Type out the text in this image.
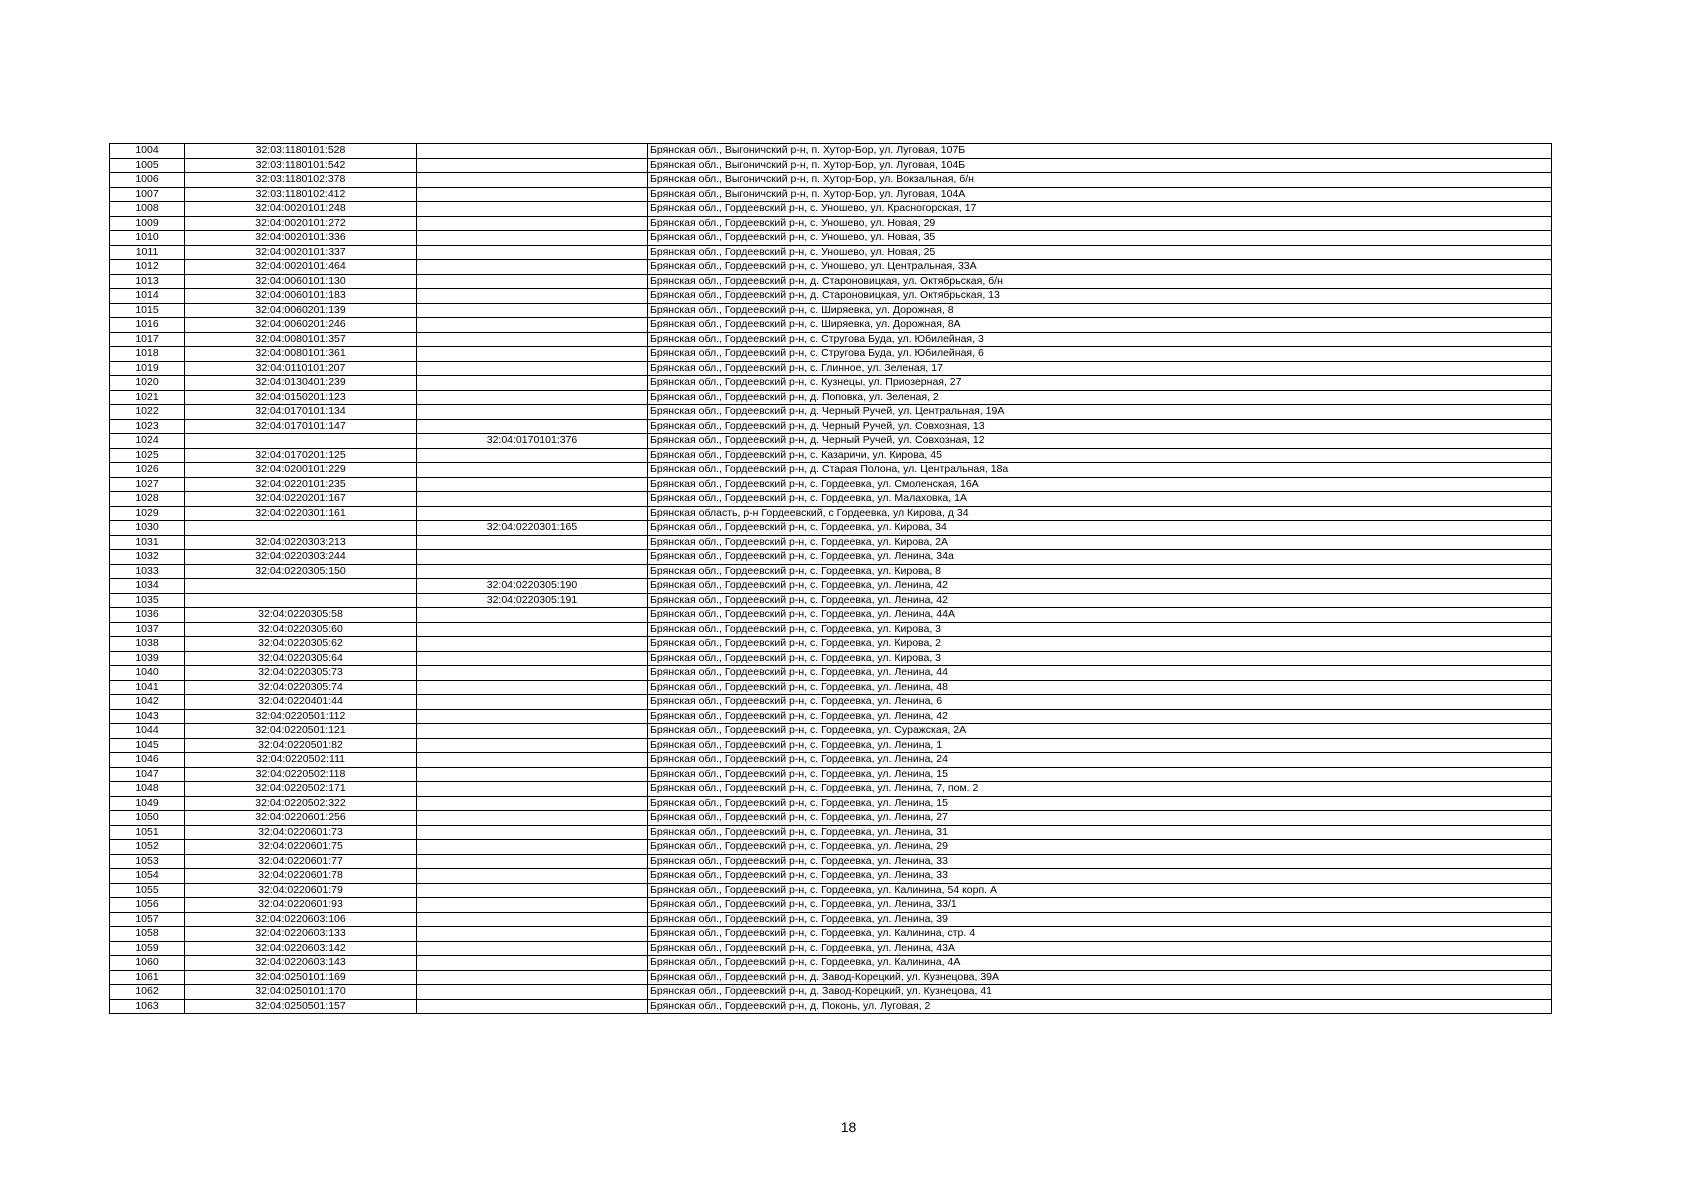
1004	32:03:1180101:528		Брянская обл., Выгоничский р-н, п. Хутор-Бор, ул. Луговая, 107Б
1005	32:03:1180101:542		Брянская обл., Выгоничский р-н, п. Хутор-Бор, ул. Луговая, 104Б
1006	32:03:1180102:378		Брянская обл., Выгоничский р-н, п. Хутор-Бор, ул. Вокзальная, б/н
1007	32:03:1180102:412		Брянская обл., Выгоничский р-н, п. Хутор-Бор, ул. Луговая, 104А
1008	32:04:0020101:248		Брянская обл., Гордеевский р-н, с. Уношево, ул. Красногорская, 17
1009	32:04:0020101:272		Брянская обл., Гордеевский р-н, с. Уношево, ул. Новая, 29
1010	32:04:0020101:336		Брянская обл., Гордеевский р-н, с. Уношево, ул. Новая, 35
1011	32:04:0020101:337		Брянская обл., Гордеевский р-н, с. Уношево, ул. Новая, 25
1012	32:04:0020101:464		Брянская обл., Гордеевский р-н, с. Уношево, ул. Центральная, 33А
1013	32:04:0060101:130		Брянская обл., Гордеевский р-н, д. Староновицкая, ул. Октябрьская, б/н
1014	32:04:0060101:183		Брянская обл., Гордеевский р-н, д. Староновицкая, ул. Октябрьская, 13
1015	32:04:0060201:139		Брянская обл., Гордеевский р-н, с. Ширяевка, ул. Дорожная, 8
1016	32:04:0060201:246		Брянская обл., Гордеевский р-н, с. Ширяевка, ул. Дорожная, 8А
1017	32:04:0080101:357		Брянская обл., Гордеевский р-н, с. Стругова Буда, ул. Юбилейная, 3
1018	32:04:0080101:361		Брянская обл., Гордеевский р-н, с. Стругова Буда, ул. Юбилейная, 6
1019	32:04:0110101:207		Брянская обл., Гордеевский р-н, с. Глинное, ул. Зеленая, 17
1020	32:04:0130401:239		Брянская обл., Гордеевский р-н, с. Кузнецы, ул. Приозерная, 27
1021	32:04:0150201:123		Брянская обл., Гордеевский р-н, д. Поповка, ул. Зеленая, 2
1022	32:04:0170101:134		Брянская обл., Гордеевский р-н, д. Черный Ручей, ул. Центральная, 19А
1023	32:04:0170101:147		Брянская обл., Гордеевский р-н, д. Черный Ручей, ул. Совхозная, 13
1024		32:04:0170101:376	Брянская обл., Гордеевский р-н, д. Черный Ручей, ул. Совхозная, 12
1025	32:04:0170201:125		Брянская обл., Гордеевский р-н, с. Казаричи, ул. Кирова, 45
1026	32:04:0200101:229		Брянская обл., Гордеевский р-н, д. Старая Полона, ул. Центральная, 18а
1027	32:04:0220101:235		Брянская обл., Гордеевский р-н, с. Гордеевка, ул. Смоленская, 16А
1028	32:04:0220201:167		Брянская обл., Гордеевский р-н, с. Гордеевка, ул. Малаховка, 1А
1029	32:04:0220301:161		Брянская область, р-н Гордеевский, с Гордеевка, ул Кирова, д 34
1030		32:04:0220301:165	Брянская обл., Гордеевский р-н, с. Гордеевка, ул. Кирова, 34
1031	32:04:0220303:213		Брянская обл., Гордеевский р-н, с. Гордеевка, ул. Кирова, 2А
1032	32:04:0220303:244		Брянская обл., Гордеевский р-н, с. Гордеевка, ул. Ленина, 34а
1033	32:04:0220305:150		Брянская обл., Гордеевский р-н, с. Гордеевка, ул. Кирова, 8
1034		32:04:0220305:190	Брянская обл., Гордеевский р-н, с. Гордеевка, ул. Ленина, 42
1035		32:04:0220305:191	Брянская обл., Гордеевский р-н, с. Гордеевка, ул. Ленина, 42
1036	32:04:0220305:58		Брянская обл., Гордеевский р-н, с. Гордеевка, ул. Ленина, 44А
1037	32:04:0220305:60		Брянская обл., Гордеевский р-н, с. Гордеевка, ул. Кирова, 3
1038	32:04:0220305:62		Брянская обл., Гордеевский р-н, с. Гордеевка, ул. Кирова, 2
1039	32:04:0220305:64		Брянская обл., Гордеевский р-н, с. Гордеевка, ул. Кирова, 3
1040	32:04:0220305:73		Брянская обл., Гордеевский р-н, с. Гордеевка, ул. Ленина, 44
1041	32:04:0220305:74		Брянская обл., Гордеевский р-н, с. Гордеевка, ул. Ленина, 48
1042	32:04:0220401:44		Брянская обл., Гордеевский р-н, с. Гордеевка, ул. Ленина, 6
1043	32:04:0220501:112		Брянская обл., Гордеевский р-н, с. Гордеевка, ул. Ленина, 42
1044	32:04:0220501:121		Брянская обл., Гордеевский р-н, с. Гордеевка, ул. Суражская, 2А
1045	32:04:0220501:82		Брянская обл., Гордеевский р-н, с. Гордеевка, ул. Ленина, 1
1046	32:04:0220502:111		Брянская обл., Гордеевский р-н, с. Гордеевка, ул. Ленина, 24
1047	32:04:0220502:118		Брянская обл., Гордеевский р-н, с. Гордеевка, ул. Ленина, 15
1048	32:04:0220502:171		Брянская обл., Гордеевский р-н, с. Гордеевка, ул. Ленина, 7, пом. 2
1049	32:04:0220502:322		Брянская обл., Гордеевский р-н, с. Гордеевка, ул. Ленина, 15
1050	32:04:0220601:256		Брянская обл., Гордеевский р-н, с. Гордеевка, ул. Ленина, 27
1051	32:04:0220601:73		Брянская обл., Гордеевский р-н, с. Гордеевка, ул. Ленина, 31
1052	32:04:0220601:75		Брянская обл., Гордеевский р-н, с. Гордеевка, ул. Ленина, 29
1053	32:04:0220601:77		Брянская обл., Гордеевский р-н, с. Гордеевка, ул. Ленина, 33
1054	32:04:0220601:78		Брянская обл., Гордеевский р-н, с. Гордеевка, ул. Ленина, 33
1055	32:04:0220601:79		Брянская обл., Гордеевский р-н, с. Гордеевка, ул. Калинина, 54 корп. А
1056	32:04:0220601:93		Брянская обл., Гордеевский р-н, с. Гордеевка, ул. Ленина, 33/1
1057	32:04:0220603:106		Брянская обл., Гордеевский р-н, с. Гордеевка, ул. Ленина, 39
1058	32:04:0220603:133		Брянская обл., Гордеевский р-н, с. Гордеевка, ул. Калинина, стр. 4
1059	32:04:0220603:142		Брянская обл., Гордеевский р-н, с. Гордеевка, ул. Ленина, 43А
1060	32:04:0220603:143		Брянская обл., Гордеевский р-н, с. Гордеевка, ул. Калинина, 4А
1061	32:04:0250101:169		Брянская обл., Гордеевский р-н, д. Завод-Корецкий, ул. Кузнецова, 39А
1062	32:04:0250101:170		Брянская обл., Гордеевский р-н, д. Завод-Корецкий, ул. Кузнецова, 41
1063	32:04:0250501:157		Брянская обл., Гордеевский р-н, д. Поконь, ул. Луговая, 2
18
